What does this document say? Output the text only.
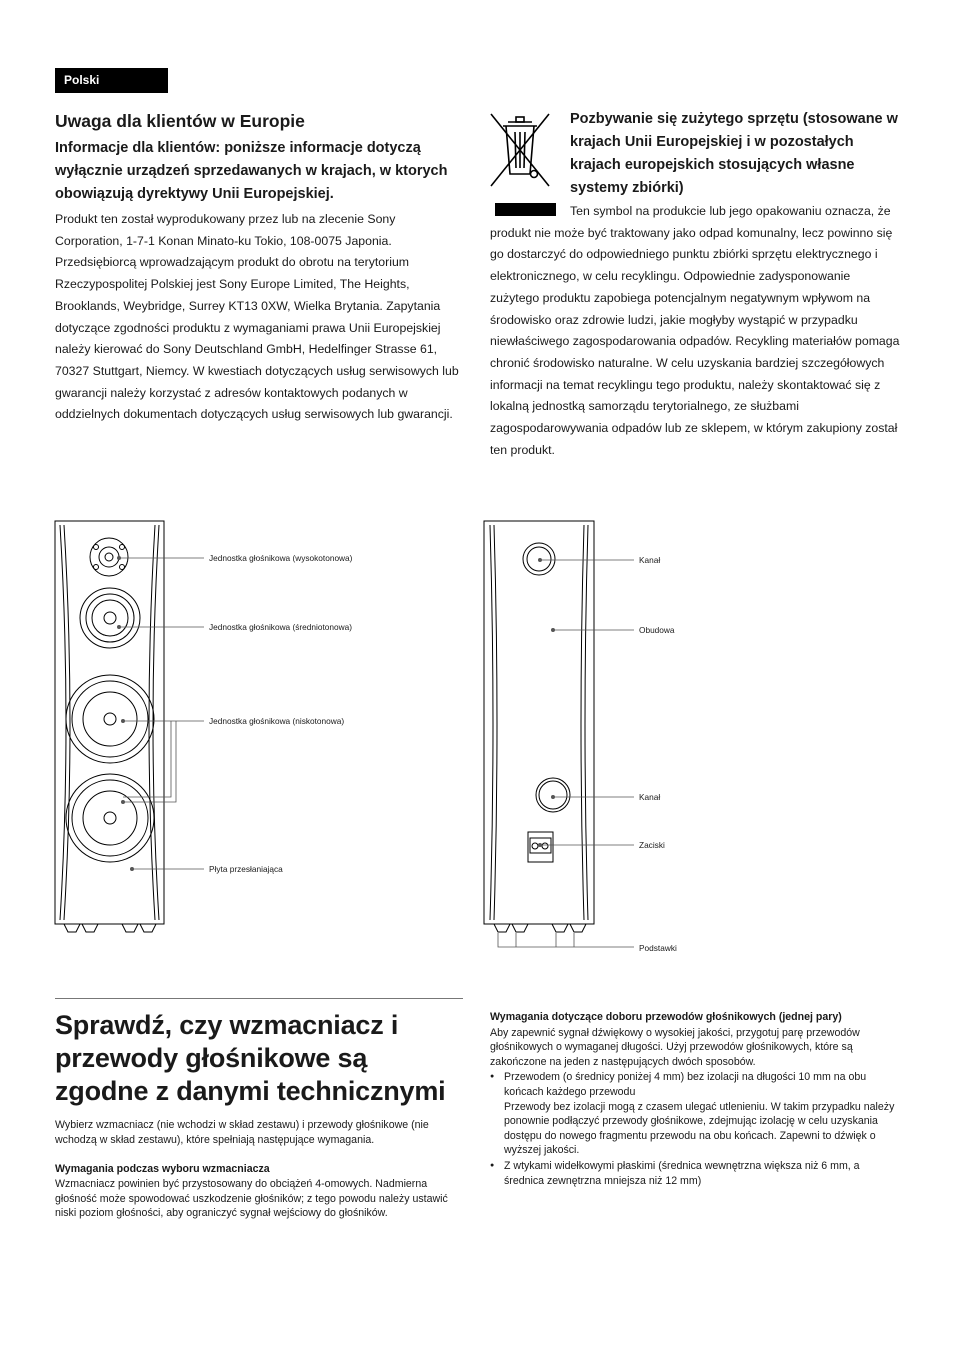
Polski
Uwaga dla klientów w Europie
Informacje dla klientów: poniższe informacje dotyczą wyłącznie urządzeń sprzedawanych w krajach, w ktorych obowiązują dyrektywy Unii Europejskiej.

Produkt ten został wyprodukowany przez lub na zlecenie Sony Corporation, 1-7-1 Konan Minato-ku Tokio, 108-0075 Japonia. Przedsiębiorcą wprowadzającym produkt do obrotu na terytorium Rzeczypospolitej Polskiej jest Sony Europe Limited, The Heights, Brooklands, Weybridge, Surrey KT13 0XW, Wielka Brytania. Zapytania dotyczące zgodności produktu z wymaganiami prawa Unii Europejskiej należy kierować do Sony Deutschland GmbH, Hedelfinger Strasse 61, 70327 Stuttgart, Niemcy. W kwestiach dotyczących usług serwisowych lub gwarancji należy korzystać z adresów kontaktowych podanych w oddzielnych dokumentach dotyczących usług serwisowych lub gwarancji.

Pozbywanie się zużytego sprzętu (stosowane w krajach Unii Europejskiej i w pozostałych krajach europejskich stosujących własne systemy zbiórki)

Ten symbol na produkcie lub jego opakowaniu oznacza, że produkt nie może być traktowany jako odpad komunalny, lecz powinno się go dostarczyć do odpowiedniego punktu zbiórki sprzętu elektrycznego i elektronicznego, w celu recyklingu. Odpowiednie zadysponowanie zużytego produktu zapobiega potencjalnym negatywnym wpływom na środowisko oraz zdrowie ludzi, jakie mogłyby wystąpić w przypadku niewłaściwego zagospodarowania odpadów. Recykling materiałów pomaga chronić środowisko naturalne. W celu uzyskania bardziej szczegółowych informacji na temat recyklingu tego produktu, należy skontaktować się z lokalną jednostką samorządu terytorialnego, ze służbami zagospodarowywania odpadów lub ze sklepem, w którym zakupiony został ten produkt.

Jednostka głośnikowa (wysokotonowa)
Jednostka głośnikowa (średniotonowa)
Jednostka głośnikowa (niskotonowa)
Płyta przesłaniająca
Kanał
Obudowa
Kanał
Zaciski
Podstawki
Sprawdź, czy wzmacniacz i przewody głośnikowe są zgodne z danymi technicznymi

Wybierz wzmacniacz (nie wchodzi w skład zestawu) i przewody głośnikowe (nie wchodzą w skład zestawu), które spełniają następujące wymagania.

Wymagania podczas wyboru wzmacniacza

Wzmacniacz powinien być przystosowany do obciążeń 4-omowych. Nadmierna głośność może spowodować uszkodzenie głośników; z tego powodu należy ustawić niski poziom głośności, aby ograniczyć sygnał wejściowy do głośników.

Wymagania dotyczące doboru przewodów głośnikowych (jednej pary)

Aby zapewnić sygnał dźwiękowy o wysokiej jakości, przygotuj parę przewodów głośnikowych o wymaganej długości. Użyj przewodów głośnikowych, które są zakończone na jeden z następujących dwóch sposobów.

● Przewodem (o średnicy poniżej 4 mm) bez izolacji na długości 10 mm na obu końcach każdego przewodu
Przewody bez izolacji mogą z czasem ulegać utlenieniu. W takim przypadku należy ponownie podłączyć przewody głośnikowe, zdejmując izolację w celu uzyskania dostępu do nowego fragmentu przewodu na obu końcach. Zapewni to dźwięk o wyższej jakości.
● Z wtykami widełkowymi płaskimi (średnica wewnętrzna większa niż 6 mm, a średnica zewnętrzna mniejsza niż 12 mm)
